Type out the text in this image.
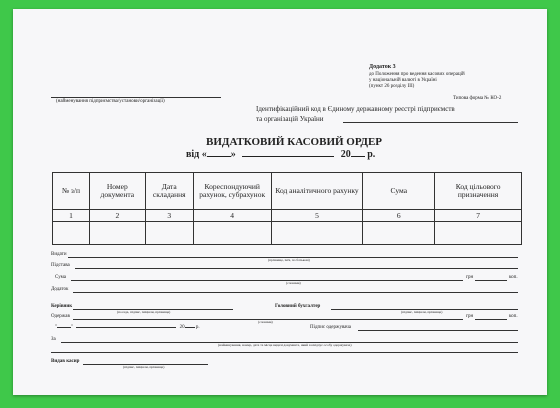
Додаток 3
до Положення про ведення касових операцій
у національній валюті в Україні
(пункт 26 розділу III)
Типова форма № КО-2
(найменування підприємства/установи/організації)
Ідентифікаційний код в Єдиному державному реєстрі підприємств
та організацій України
ВИДАТКОВИЙ КАСОВИЙ ОРДЕР
від « »	20 р.
№ з/п	Номер документа	Дата складання	Кореспондуючий рахунок, субрахунок	Код аналітичного рахунку	Сума	Код цільового призначення
1	2	3	4	5	6	7

Видати
(прізвище, ім'я, по батькові)
Підстава
Сума
(словами)
грн	коп.
Додаток
Керівник
(посада, підпис, ініціали, прізвище)
Головний бухгалтер
(підпис, ініціали, прізвище)
Одержав
(словами)
грн	коп.
"	"	20 р.	Підпис одержувача
За
(найменування, номер, дата та місце видачі документа, який засвідчує особу одержувача)
Видав касир
(підпис, ініціали, прізвище)
